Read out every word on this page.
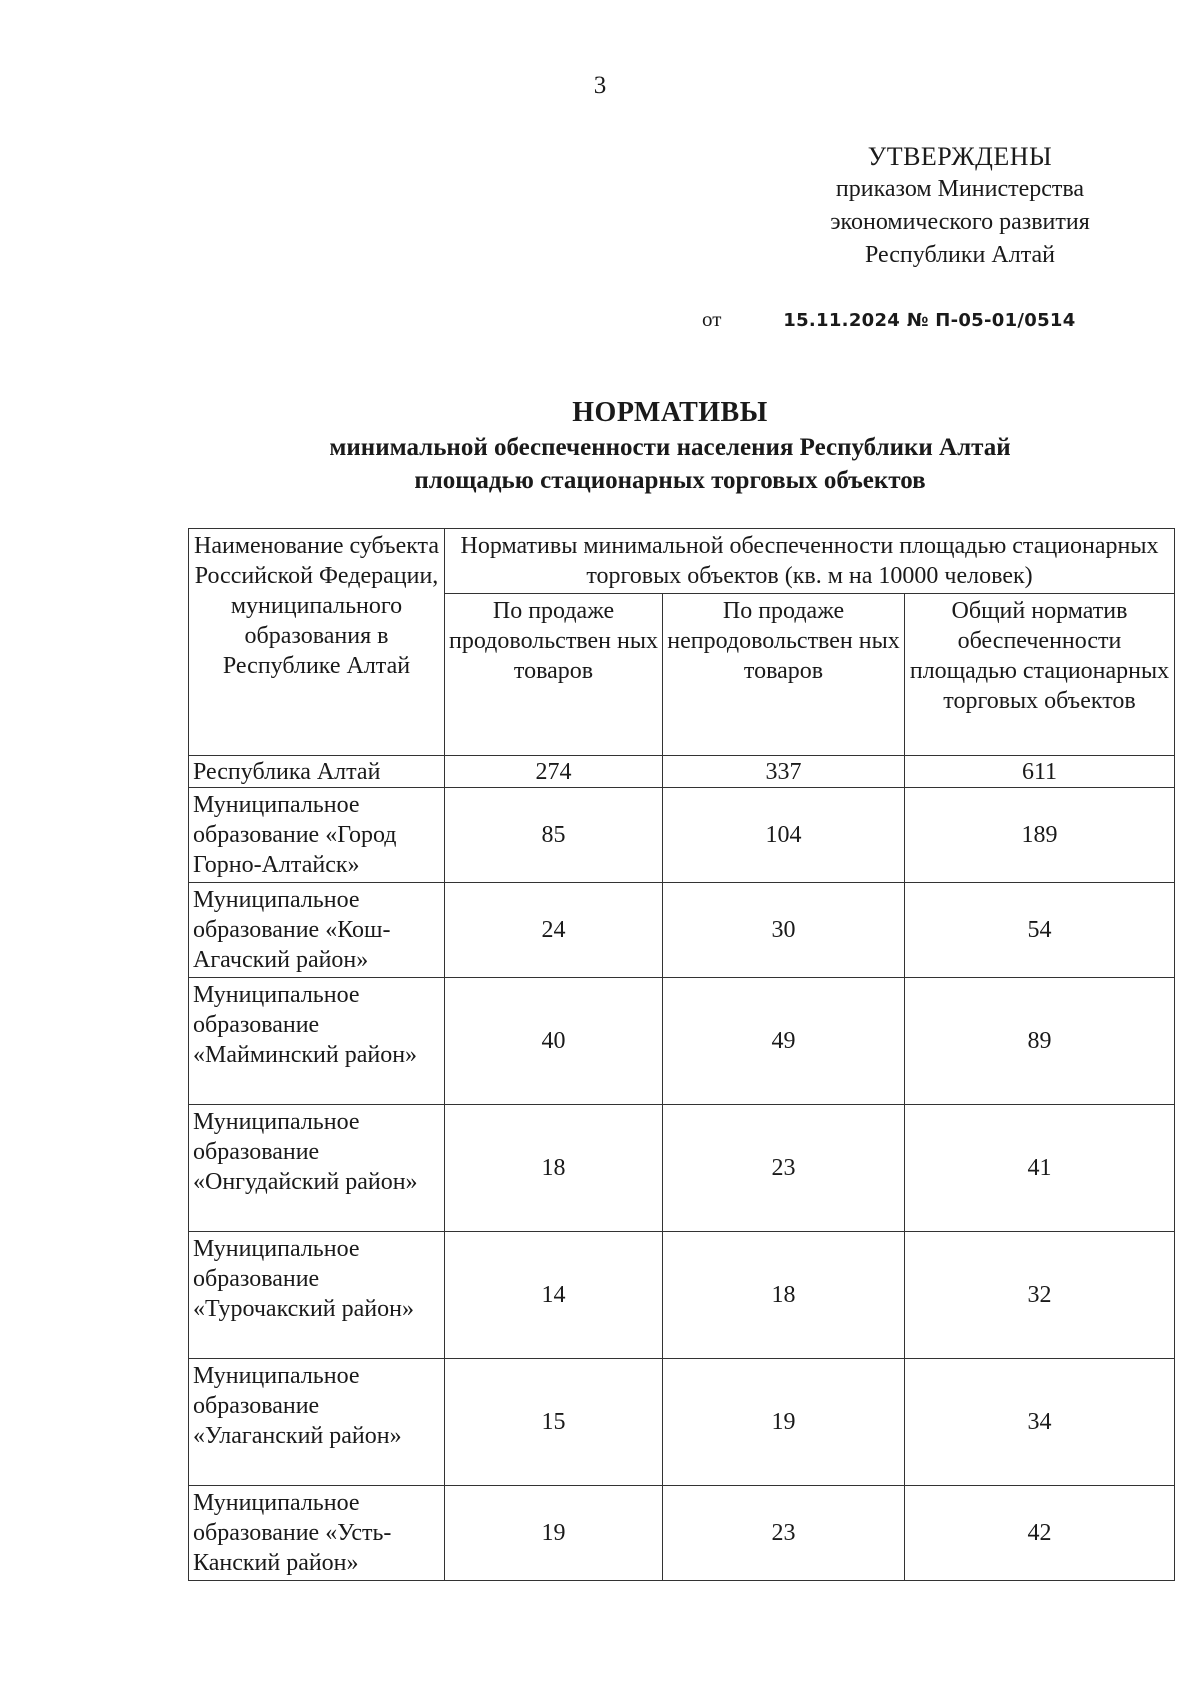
3
УТВЕРЖДЕНЫ
приказом Министерства
экономического развития
Республики Алтай
от	15.11.2024 № П-05-01/0514
НОРМАТИВЫ
минимальной обеспеченности населения Республики Алтай
площадью стационарных торговых объектов
Наименование субъекта Российской Федерации, муниципального образования в Республике Алтай	Нормативы минимальной обеспеченности площадью стационарных торговых объектов (кв. м на 10000 человек)		
	По продаже продовольствен ных товаров	По продаже непродовольствен ных товаров	Общий норматив обеспеченности площадью стационарных торговых объектов
Республика Алтай	274	337	611
Муниципальное образование «Город Горно-Алтайск»	85	104	189
Муниципальное образование «Кош-Агачский район»	24	30	54
Муниципальное образование «Майминский район»	40	49	89
Муниципальное образование «Онгудайский район»	18	23	41
Муниципальное образование «Турочакский район»	14	18	32
Муниципальное образование «Улаганский район»	15	19	34
Муниципальное образование «Усть-Канский район»	19	23	42
